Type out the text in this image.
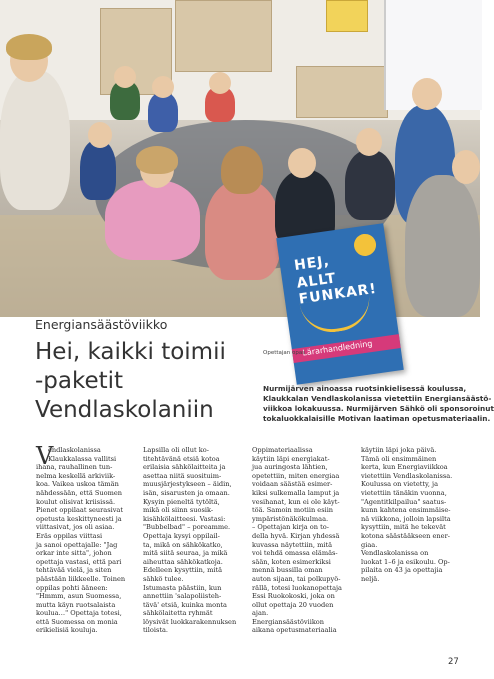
HEJ,
ALLT FUNKAR!
Lärarhandledning
Energiansäästöviikko
Hei, kaikki toimii
-paketit
Vendlaskolaniin
Opettajan opas
Nurmijärven ainoassa ruotsinkielisessä koulussa,
Klaukkalan Vendlaskolanissa vietettiin Energiansäästö-
viikkoa lokakuussa. Nurmijärven Sähkö oli sponsoroinut
tokaluokkalaisille Motivan laatiman opetusmateriaalin.
V
endlaskolanissa
Klaukkalassa vallitsi
ihana, rauhallinen tun-
nelma keskellä arkiviik-
koa. Vaikea uskoa tämän
nähdessään, että Suomen
koulut olisivat kriisissä.
Pienet oppilaat seurasivat
opetusta keskittyneesti ja
viittasivat, jos oli asiaa.
Eräs oppilas viittasi
ja sanoi opettajalle: "Jag
orkar inte sitta", johon
opettaja vastasi, että pari
tehtävää vielä, ja siten
päästään liikkeelle. Toinen
oppilas pohti ääneen:
"Hmmm, asun Suomessa,
mutta käyn ruotsalaista
koulua…" Opettaja totesi,
että Suomessa on monia
erikielisiä kouluja.
Lapsilla oli ollut ko-
titehtävänä etsiä kotoa
erilaisia sähkölaitteita ja
asettaa niitä suosituim-
muusjärjestykseen – äidin,
isän, sisarusten ja omaan.
Kysyin pieneltä tytöltä,
mikä oli siinn suosik-
kisähkölaitteesi. Vastasi:
"Bubbelbad" – poreamme.
Opettaja kysyi oppilail-
ta, mikä on sähkökatko,
mitä siitä seuraa, ja mikä
aiheuttaa sähkökatkoja.
Edelleen kysyttiin, mitä
sähkö tulee.
Istumasta päästiin, kun
annettiin 'salapoliisteh-
tävä' etsiä, kuinka monta
sähkölaitetta ryhmät
löysivät luokkarakennuksen
tiloista.
Oppimateriaalissa
käytiin läpi energiakat-
jua auringosta lähtien,
opetettiin, miten energiaa
voidaan säästää esimer-
kiksi sulkemalla lamput ja
vesihanat, kun ei ole käyt-
töä. Samoin motiin esiin
ympäristönäkökulmaa.
– Opettajan kirja on to-
della hyvä. Kirjan yhdessä
kuvassa näytettiin, mitä
voi tehdä omassa elämäs-
sään, koten esimerkiksi
mennä bussilla oman
auton sijaan, tai polkupyö-
rällä, totesi luokanopettaja
Essi Ruokokoski, joka on
ollut opettaja 20 vuoden
ajan.
Energiansäästöviikon
aikana opetusmateriaalia
käytiin läpi joka päivä.
Tämä oli ensimmäinen
kerta, kun Energiaviikkoa
vietettiin Vendlaskolanissa.
Koulussa on vietetty, ja
vietettiin tänäkin vuonna,
"Agentitkilpailua" saatus-
kunn kahtena ensimmäise-
nä viikkona, jolloin lapsilta
kysyttiin, mitä he tekevät
kotona säästääkseen ener-
giaa.
Vendlaskolanissa on
luokat 1–6 ja esikoulu. Op-
pilaita on 43 ja opettajia
neljä.
27
